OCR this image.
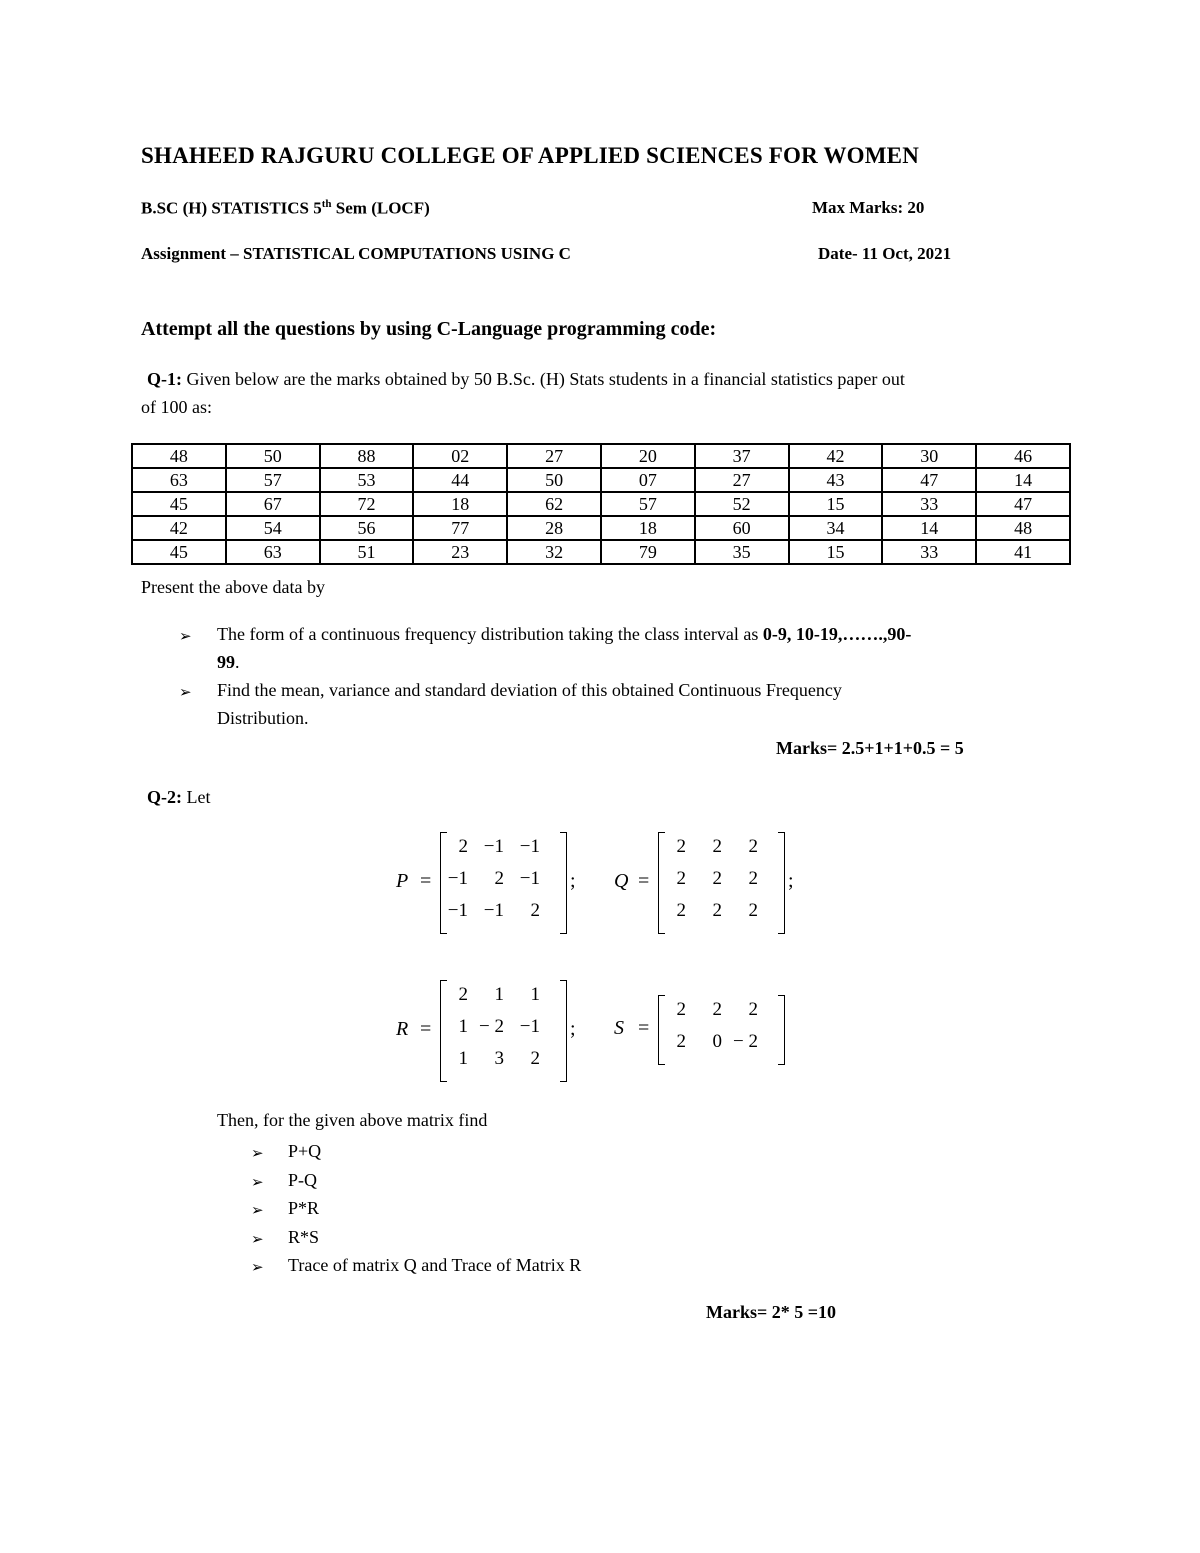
SHAHEED RAJGURU COLLEGE OF APPLIED SCIENCES FOR WOMEN
B.SC (H) STATISTICS 5th Sem (LOCF)	Max Marks: 20
Assignment – STATISTICAL COMPUTATIONS USING C	Date- 11 Oct, 2021
Attempt all the questions by using C-Language programming code:
Q-1: Given below are the marks obtained by 50 B.Sc. (H) Stats students in a financial statistics paper out
of 100 as:
48	50	88	02	27	20	37	42	30	46
63	57	53	44	50	07	27	43	47	14
45	67	72	18	62	57	52	15	33	47
42	54	56	77	28	18	60	34	14	48
45	63	51	23	32	79	35	15	33	41
Present the above data by
➢	The form of a continuous frequency distribution taking the class interval as 0-9, 10-19,…….,90-
99.
➢	Find the mean, variance and standard deviation of this obtained Continuous Frequency
Distribution.
Marks= 2.5+1+1+0.5 = 5
Q-2: Let
P =
2 −1 −1
−1	2 −1
−1 −1	2
; Q =
2	2	2
2	2	2
2	2	2
;
R =
2	1	1
1 − 2 −1
1	3	2
; S =
2	2	2
2	0 − 2
Then, for the given above matrix find
➢	P+Q
➢	P-Q
➢	P*R
➢	R*S
➢	Trace of matrix Q and Trace of Matrix R
Marks= 2* 5 =10
